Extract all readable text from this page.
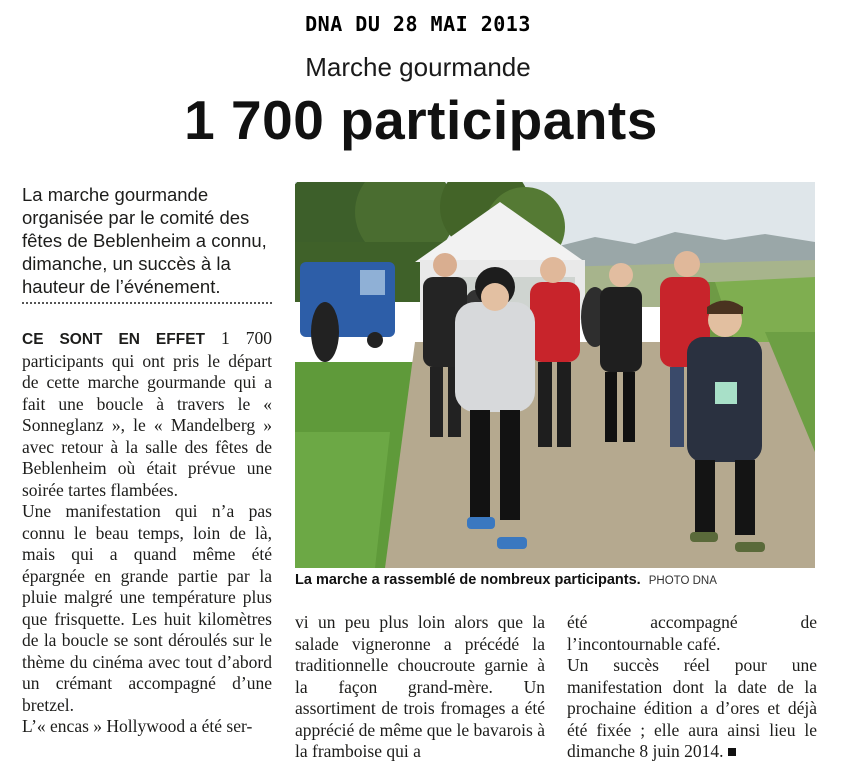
DNA DU 28 MAI 2013
Marche gourmande
1 700 participants
La marche gourmande organisée par le comité des fêtes de Beblenheim a connu, dimanche, un succès à la hauteur de l’événement.

CE SONT EN EFFET 1 700 participants qui ont pris le départ de cette marche gourmande qui a fait une boucle à travers le « Sonneglanz », le « Mandelberg » avec retour à la salle des fêtes de Beblenheim où était prévue une soirée tartes flambées.

Une manifestation qui n’a pas connu le beau temps, loin de là, mais qui a quand même été épargnée en grande partie par la pluie malgré une température plus que frisquette. Les huit kilomètres de la boucle se sont déroulés sur le thème du cinéma avec tout d’abord un crémant accompagné d’une bretzel.

L’« encas » Hollywood a été ser-

La marche a rassemblé de nombreux participants. PHOTO DNA

vi un peu plus loin alors que la salade vigneronne a précédé la traditionnelle choucroute garnie à la façon grand-mère. Un assortiment de trois fromages a été apprécié de même que le bavarois à la framboise qui a

été accompagné de l’incontournable café.

Un succès réel pour une manifestation dont la date de la prochaine édition a d’ores et déjà été fixée ; elle aura ainsi lieu le dimanche 8 juin 2014.
